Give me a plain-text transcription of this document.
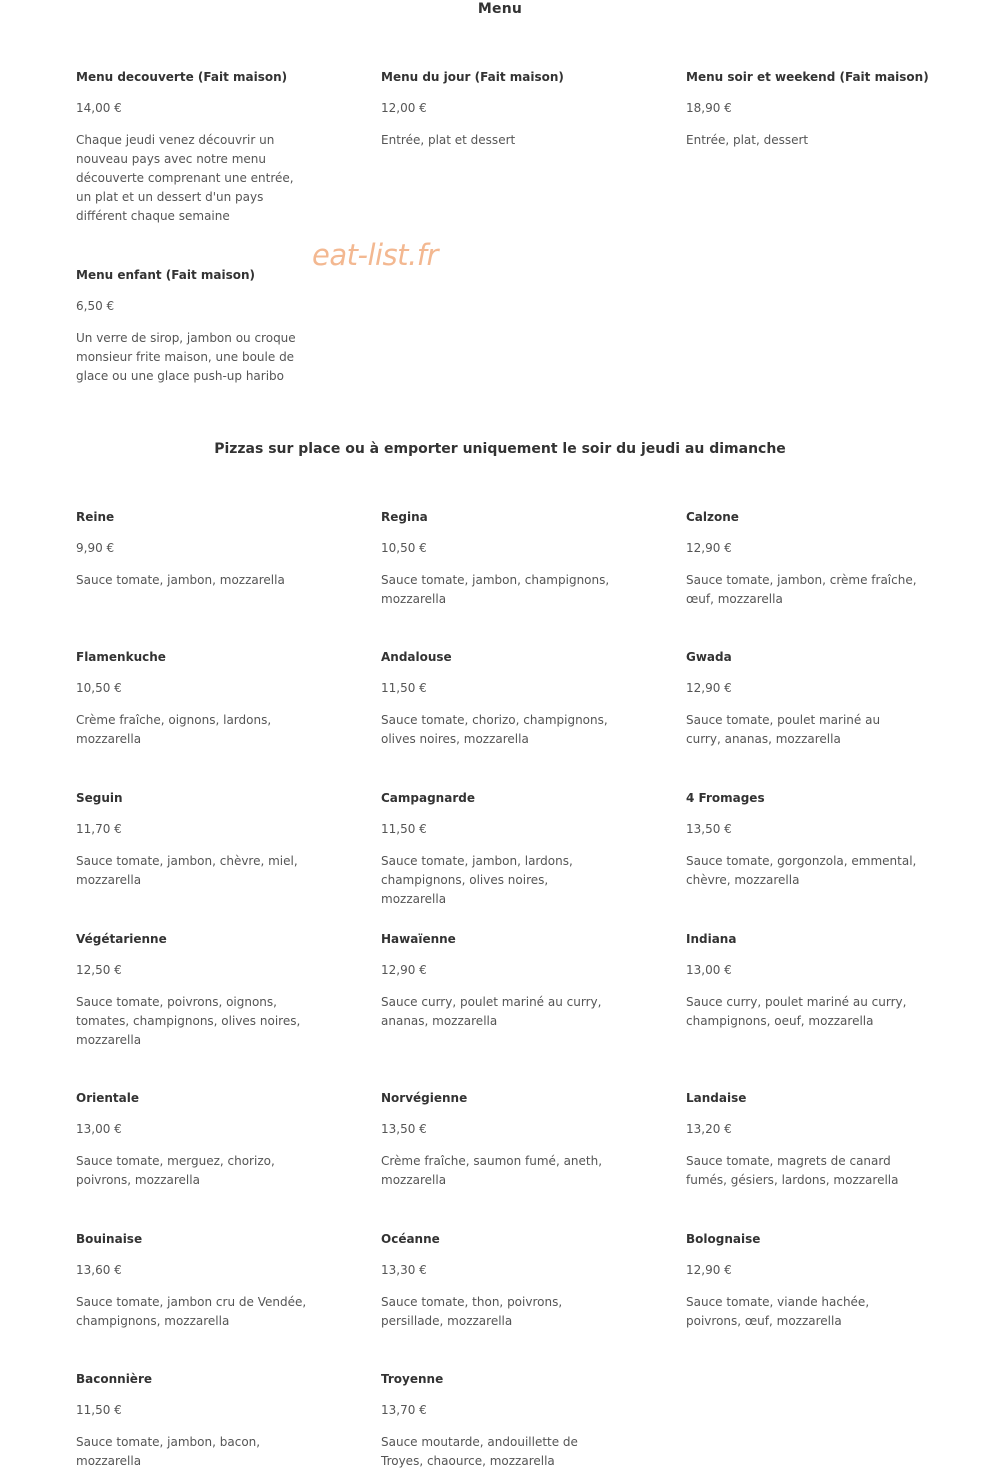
Menu
eat-list.fr
Menu decouverte (Fait maison)
14,00 €
Chaque jeudi venez découvrir un nouveau pays avec notre menu découverte comprenant une entrée, un plat et un dessert d'un pays différent chaque semaine
Menu du jour (Fait maison)
12,00 €
Entrée, plat et dessert
Menu soir et weekend (Fait maison)
18,90 €
Entrée, plat, dessert
Menu enfant (Fait maison)
6,50 €
Un verre de sirop, jambon ou croque monsieur frite maison, une boule de glace ou une glace push-up haribo
Pizzas sur place ou à emporter uniquement le soir du jeudi au dimanche
Reine
9,90 €
Sauce tomate, jambon, mozzarella
Regina
10,50 €
Sauce tomate, jambon, champignons, mozzarella
Calzone
12,90 €
Sauce tomate, jambon, crème fraîche, œuf, mozzarella
Flamenkuche
10,50 €
Crème fraîche, oignons, lardons, mozzarella
Andalouse
11,50 €
Sauce tomate, chorizo, champignons, olives noires, mozzarella
Gwada
12,90 €
Sauce tomate, poulet mariné au curry, ananas, mozzarella
Seguin
11,70 €
Sauce tomate, jambon, chèvre, miel, mozzarella
Campagnarde
11,50 €
Sauce tomate, jambon, lardons, champignons, olives noires, mozzarella
4 Fromages
13,50 €
Sauce tomate, gorgonzola, emmental, chèvre, mozzarella
Végétarienne
12,50 €
Sauce tomate, poivrons, oignons, tomates, champignons, olives noires, mozzarella
Hawaïenne
12,90 €
Sauce curry, poulet mariné au curry, ananas, mozzarella
Indiana
13,00 €
Sauce curry, poulet mariné au curry, champignons, oeuf, mozzarella
Orientale
13,00 €
Sauce tomate, merguez, chorizo, poivrons, mozzarella
Norvégienne
13,50 €
Crème fraîche, saumon fumé, aneth, mozzarella
Landaise
13,20 €
Sauce tomate, magrets de canard fumés, gésiers, lardons, mozzarella
Bouinaise
13,60 €
Sauce tomate, jambon cru de Vendée, champignons, mozzarella
Océanne
13,30 €
Sauce tomate, thon, poivrons, persillade, mozzarella
Bolognaise
12,90 €
Sauce tomate, viande hachée, poivrons, œuf, mozzarella
Baconnière
11,50 €
Sauce tomate, jambon, bacon, mozzarella
Troyenne
13,70 €
Sauce moutarde, andouillette de Troyes, chaource, mozzarella
